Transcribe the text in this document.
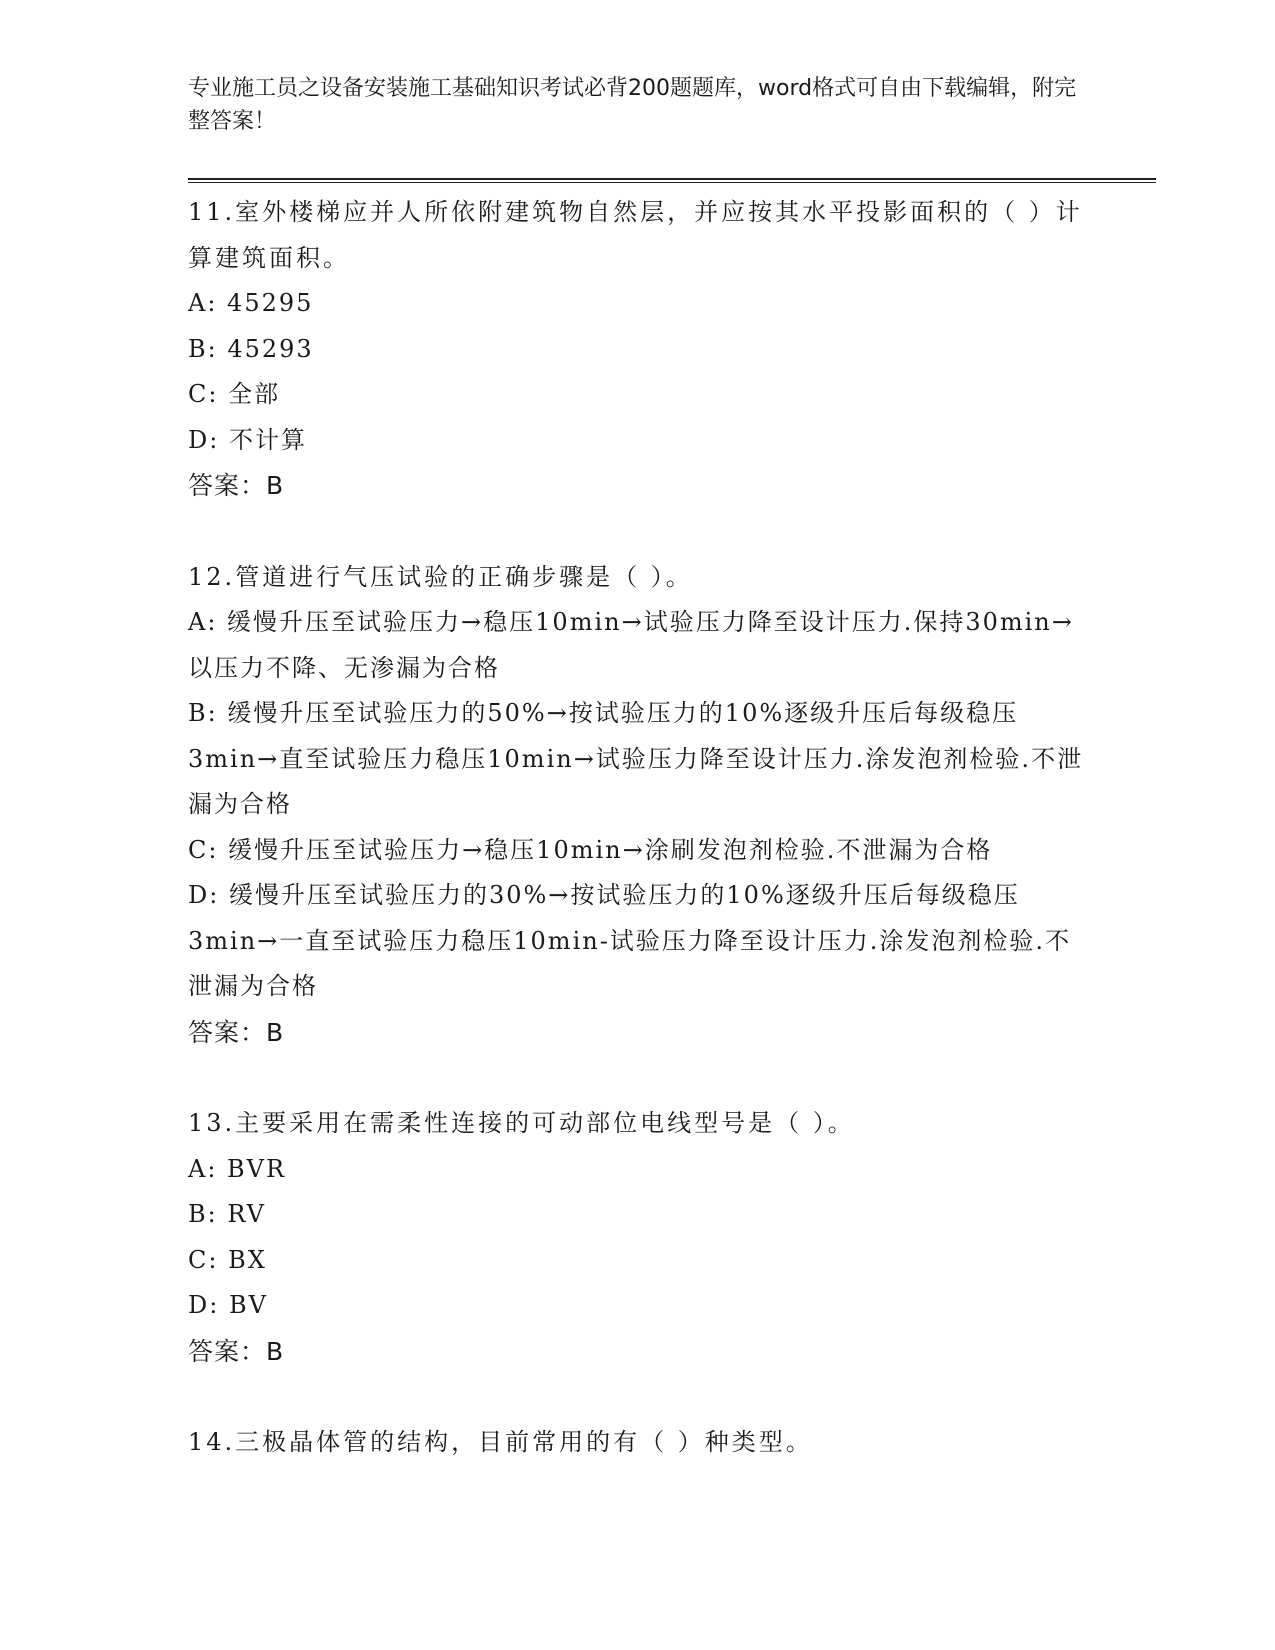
专业施工员之设备安装施工基础知识考试必背200题题库，word格式可自由下载编辑，附完整答案！
11.室外楼梯应并人所依附建筑物自然层，并应按其水平投影面积的（ ）计算建筑面积。
A: 45295
B: 45293
C: 全部
D: 不计算
答案：B
12.管道进行气压试验的正确步骤是（ ）。
A: 缓慢升压至试验压力→稳压10min→试验压力降至设计压力.保持30min→以压力不降、无渗漏为合格
B: 缓慢升压至试验压力的50%→按试验压力的10%逐级升压后每级稳压3min→直至试验压力稳压10min→试验压力降至设计压力.涂发泡剂检验.不泄漏为合格
C: 缓慢升压至试验压力→稳压10min→涂刷发泡剂检验.不泄漏为合格
D: 缓慢升压至试验压力的30%→按试验压力的10%逐级升压后每级稳压3min→一直至试验压力稳压10min-试验压力降至设计压力.涂发泡剂检验.不泄漏为合格
答案：B
13.主要采用在需柔性连接的可动部位电线型号是（ ）。
A: BVR
B: RV
C: BX
D: BV
答案：B
14.三极晶体管的结构，目前常用的有（ ）种类型。
